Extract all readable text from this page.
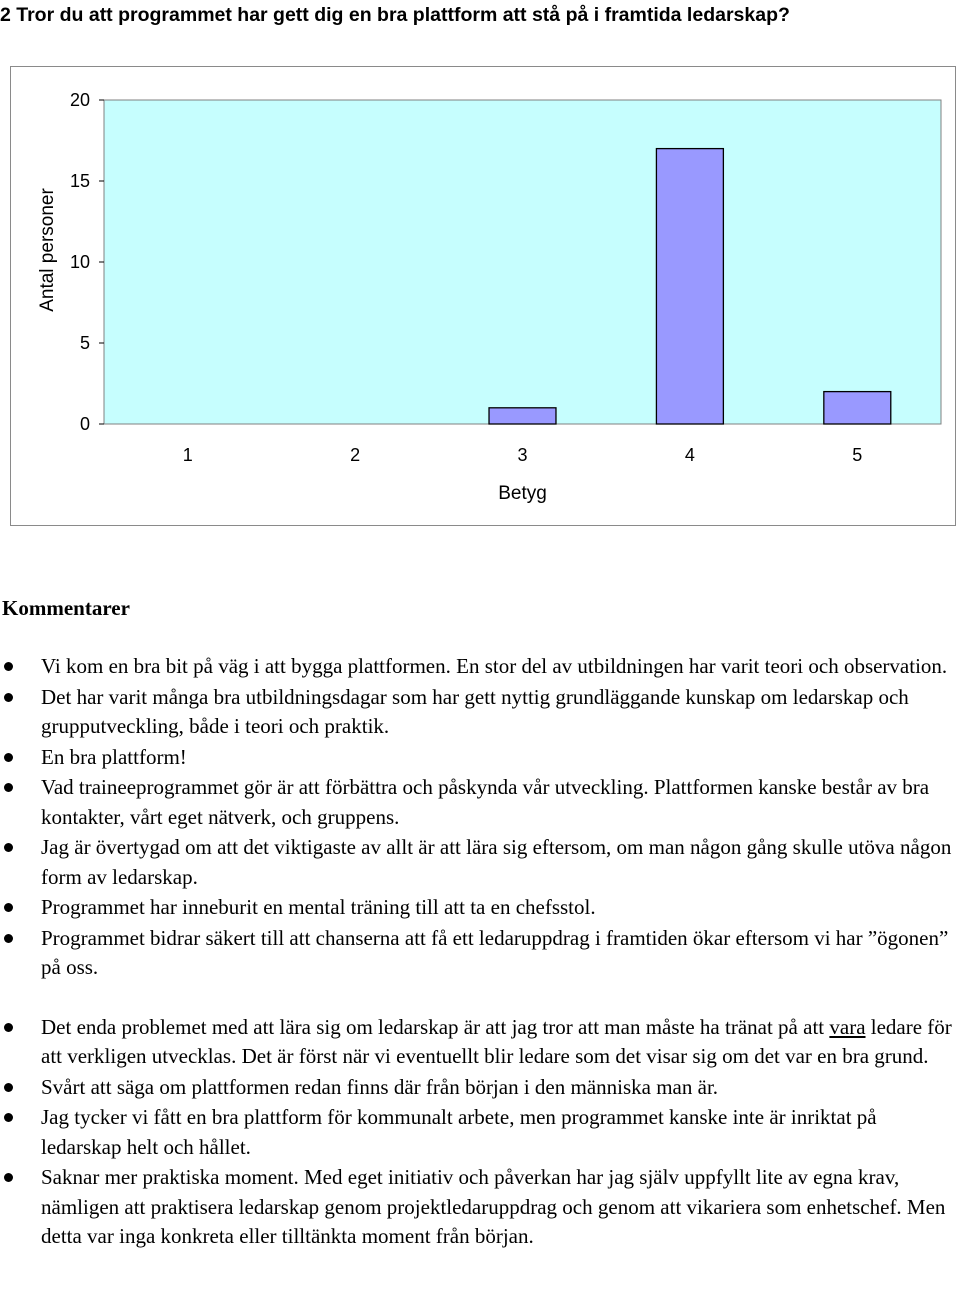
2 Tror du att programmet har gett dig en bra plattform att stå på i framtida ledarskap?
0
5
10
15
20
1	2	3	4	5
Betyg
Antal personer
Kommentarer
Vi kom en bra bit på väg i att bygga plattformen. En stor del av utbildningen har varit teori och observation.
Det har varit många bra utbildningsdagar som har gett nyttig grundläggande kunskap om ledarskap och grupputveckling, både i teori och praktik.
En bra plattform!
Vad traineeprogrammet gör är att förbättra och påskynda vår utveckling. Plattformen kanske består av bra kontakter, vårt eget nätverk, och gruppens.
Jag är övertygad om att det viktigaste av allt är att lära sig eftersom, om man någon gång skulle utöva någon form av ledarskap.
Programmet har inneburit en mental träning till att ta en chefsstol.
Programmet bidrar säkert till att chanserna att få ett ledaruppdrag i framtiden ökar eftersom vi har ”ögonen” på oss.
Det enda problemet med att lära sig om ledarskap är att jag tror att man måste ha tränat på att vara ledare för att verkligen utvecklas. Det är först när vi eventuellt blir ledare som det visar sig om det var en bra grund.
Svårt att säga om plattformen redan finns där från början i den människa man är.
Jag tycker vi fått en bra plattform för kommunalt arbete, men programmet kanske inte är inriktat på ledarskap helt och hållet.
Saknar mer praktiska moment. Med eget initiativ och påverkan har jag själv uppfyllt lite av egna krav, nämligen att praktisera ledarskap genom projektledaruppdrag och genom att vikariera som enhetschef. Men detta var inga konkreta eller tilltänkta moment från början.
